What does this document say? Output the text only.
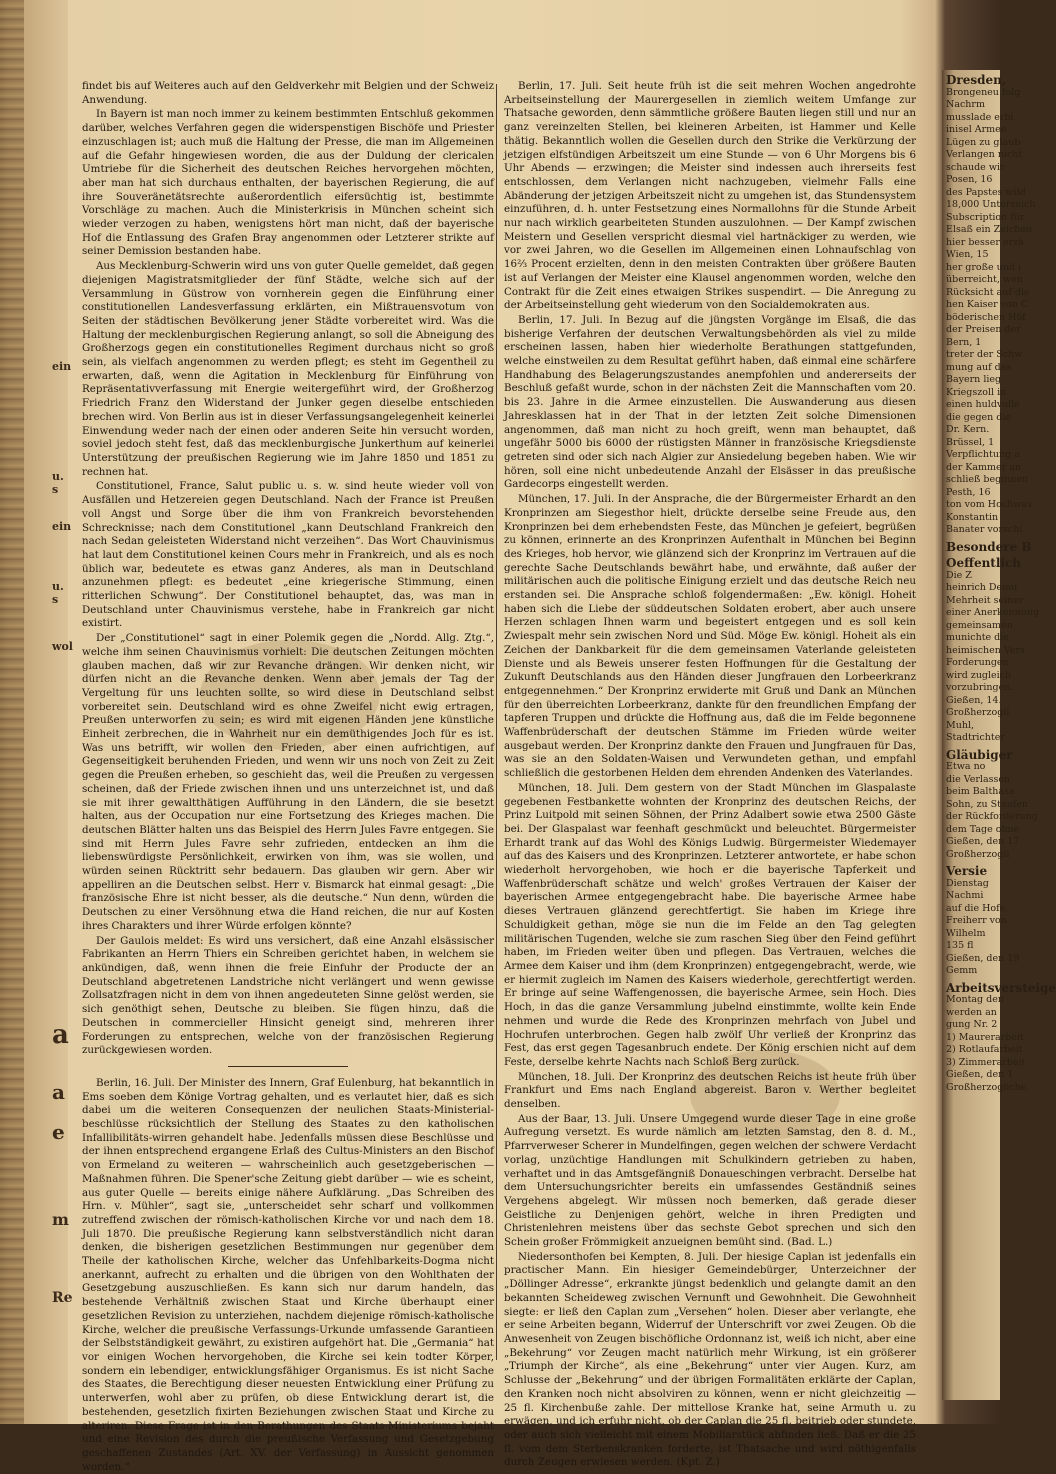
ein
u. s
ein
u. s
wol
a
a
e
m
Re

findet bis auf Weiteres auch auf den Geldverkehr mit Belgien und der Schweiz Anwendung.

In Bayern ist man noch immer zu keinem bestimmten Entschluß gekommen darüber, welches Verfahren gegen die widerspenstigen Bischöfe und Priester einzuschlagen ist; auch muß die Haltung der Presse, die man im Allgemeinen auf die Gefahr hingewiesen worden, die aus der Duldung der clericalen Umtriebe für die Sicherheit des deutschen Reiches hervorgehen möchten, aber man hat sich durchaus enthalten, der bayerischen Regierung, die auf ihre Souveränetätsrechte außerordentlich eifersüchtig ist, bestimmte Vorschläge zu machen. Auch die Ministerkrisis in München scheint sich wieder verzogen zu haben, wenigstens hört man nicht, daß der bayerische Hof die Entlassung des Grafen Bray angenommen oder Letzterer strikte auf seiner Demission bestanden habe.

Aus Mecklenburg-Schwerin wird uns von guter Quelle gemeldet, daß gegen diejenigen Magistratsmitglieder der fünf Städte, welche sich auf der Versammlung in Güstrow von vornherein gegen die Einführung einer constitutionellen Landesverfassung erklärten, ein Mißtrauensvotum von Seiten der städtischen Bevölkerung jener Städte vorbereitet wird. Was die Haltung der mecklenburgischen Regierung anlangt, so soll die Abneigung des Großherzogs gegen ein constitutionelles Regiment durchaus nicht so groß sein, als vielfach angenommen zu werden pflegt; es steht im Gegentheil zu erwarten, daß, wenn die Agitation in Mecklenburg für Einführung von Repräsentativverfassung mit Energie weitergeführt wird, der Großherzog Friedrich Franz den Widerstand der Junker gegen dieselbe entschieden brechen wird. Von Berlin aus ist in dieser Verfassungsangelegenheit keinerlei Einwendung weder nach der einen oder anderen Seite hin versucht worden, soviel jedoch steht fest, daß das mecklenburgische Junkerthum auf keinerlei Unterstützung der preußischen Regierung wie im Jahre 1850 und 1851 zu rechnen hat.

Constitutionel, France, Salut public u. s. w. sind heute wieder voll von Ausfällen und Hetzereien gegen Deutschland. Nach der France ist Preußen voll Angst und Sorge über die ihm von Frankreich bevorstehenden Schrecknisse; nach dem Constitutionel „kann Deutschland Frankreich den nach Sedan geleisteten Widerstand nicht verzeihen“. Das Wort Chauvinismus hat laut dem Constitutionel keinen Cours mehr in Frankreich, und als es noch üblich war, bedeutete es etwas ganz Anderes, als man in Deutschland anzunehmen pflegt: es bedeutet „eine kriegerische Stimmung, einen ritterlichen Schwung“. Der Constitutionel behauptet, das, was man in Deutschland unter Chauvinismus verstehe, habe in Frankreich gar nicht existirt.

Der „Constitutionel“ sagt in einer Polemik gegen die „Nordd. Allg. Ztg.“, welche ihm seinen Chauvinismus vorhielt: Die deutschen Zeitungen möchten glauben machen, daß wir zur Revanche drängen. Wir denken nicht, wir dürfen nicht an die Revanche denken. Wenn aber jemals der Tag der Vergeltung für uns leuchten sollte, so wird diese in Deutschland selbst vorbereitet sein. Deutschland wird es ohne Zweifel nicht ewig ertragen, Preußen unterworfen zu sein; es wird mit eigenen Händen jene künstliche Einheit zerbrechen, die in Wahrheit nur ein demüthigendes Joch für es ist. Was uns betrifft, wir wollen den Frieden, aber einen aufrichtigen, auf Gegenseitigkeit beruhenden Frieden, und wenn wir uns noch von Zeit zu Zeit gegen die Preußen erheben, so geschieht das, weil die Preußen zu vergessen scheinen, daß der Friede zwischen ihnen und uns unterzeichnet ist, und daß sie mit ihrer gewaltthätigen Aufführung in den Ländern, die sie besetzt halten, aus der Occupation nur eine Fortsetzung des Krieges machen. Die deutschen Blätter halten uns das Beispiel des Herrn Jules Favre entgegen. Sie sind mit Herrn Jules Favre sehr zufrieden, entdecken an ihm die liebenswürdigste Persönlichkeit, erwirken von ihm, was sie wollen, und würden seinen Rücktritt sehr bedauern. Das glauben wir gern. Aber wir appelliren an die Deutschen selbst. Herr v. Bismarck hat einmal gesagt: „Die französische Ehre ist nicht besser, als die deutsche.“ Nun denn, würden die Deutschen zu einer Versöhnung etwa die Hand reichen, die nur auf Kosten ihres Charakters und ihrer Würde erfolgen könnte?

Der Gaulois meldet: Es wird uns versichert, daß eine Anzahl elsässischer Fabrikanten an Herrn Thiers ein Schreiben gerichtet haben, in welchem sie ankündigen, daß, wenn ihnen die freie Einfuhr der Producte der an Deutschland abgetretenen Landstriche nicht verlängert und wenn gewisse Zollsatzfragen nicht in dem von ihnen angedeuteten Sinne gelöst werden, sie sich genöthigt sehen, Deutsche zu bleiben. Sie fügen hinzu, daß die Deutschen in commercieller Hinsicht geneigt sind, mehreren ihrer Forderungen zu entsprechen, welche von der französischen Regierung zurückgewiesen worden.

Berlin, 16. Juli. Der Minister des Innern, Graf Eulenburg, hat bekanntlich in Ems soeben dem Könige Vortrag gehalten, und es verlautet hier, daß es sich dabei um die weiteren Consequenzen der neulichen Staats-Ministerial-beschlüsse rücksichtlich der Stellung des Staates zu den katholischen Infallibilitäts-wirren gehandelt habe. Jedenfalls müssen diese Beschlüsse und der ihnen entsprechend ergangene Erlaß des Cultus-Ministers an den Bischof von Ermeland zu weiteren — wahrscheinlich auch gesetzgeberischen — Maßnahmen führen. Die Spener'sche Zeitung giebt darüber — wie es scheint, aus guter Quelle — bereits einige nähere Aufklärung. „Das Schreiben des Hrn. v. Mühler“, sagt sie, „unterscheidet sehr scharf und vollkommen zutreffend zwischen der römisch-katholischen Kirche vor und nach dem 18. Juli 1870. Die preußische Regierung kann selbstverständlich nicht daran denken, die bisherigen gesetzlichen Bestimmungen nur gegenüber dem Theile der katholischen Kirche, welcher das Unfehlbarkeits-Dogma nicht anerkannt, aufrecht zu erhalten und die übrigen von den Wohlthaten der Gesetzgebung auszuschließen. Es kann sich nur darum handeln, das bestehende Verhältniß zwischen Staat und Kirche überhaupt einer gesetzlichen Revision zu unterziehen, nachdem diejenige römisch-katholische Kirche, welcher die preußische Verfassungs-Urkunde umfassende Garantieen der Selbstständigkeit gewährt, zu existiren aufgehört hat. Die „Germania“ hat vor einigen Wochen hervorgehoben, die Kirche sei kein todter Körper, sondern ein lebendiger, entwicklungsfähiger Organismus. Es ist nicht Sache des Staates, die Berechtigung dieser neuesten Entwicklung einer Prüfung zu unterwerfen, wohl aber zu prüfen, ob diese Entwicklung derart ist, die bestehenden, gesetzlich fixirten Beziehungen zwischen Staat und Kirche zu alteriren. Diese Frage ist in den Berathungen des Staats-Ministeriums bejaht und eine Revision des durch die preußische Verfassung und Gesetzgebung geschaffenen Zustandes (Art. XV. der Verfassung) in Aussicht genommen worden.“

Berlin, 17. Juli. Seit heute früh ist die seit mehren Wochen angedrohte Arbeitseinstellung der Maurergesellen in ziemlich weitem Umfange zur Thatsache geworden, denn sämmtliche größere Bauten liegen still und nur an ganz vereinzelten Stellen, bei kleineren Arbeiten, ist Hammer und Kelle thätig. Bekanntlich wollen die Gesellen durch den Strike die Verkürzung der jetzigen elfstündigen Arbeitszeit um eine Stunde — von 6 Uhr Morgens bis 6 Uhr Abends — erzwingen; die Meister sind indessen auch ihrerseits fest entschlossen, dem Verlangen nicht nachzugeben, vielmehr Falls eine Abänderung der jetzigen Arbeitszeit nicht zu umgehen ist, das Stundensystem einzuführen, d. h. unter Festsetzung eines Normallohns für die Stunde Arbeit nur nach wirklich gearbeiteten Stunden auszulohnen. — Der Kampf zwischen Meistern und Gesellen verspricht diesmal viel hartnäckiger zu werden, wie vor zwei Jahren, wo die Gesellen im Allgemeinen einen Lohnaufschlag von 16⅔ Procent erzielten, denn in den meisten Contrakten über größere Bauten ist auf Verlangen der Meister eine Klausel angenommen worden, welche den Contrakt für die Zeit eines etwaigen Strikes suspendirt. — Die Anregung zu der Arbeitseinstellung geht wiederum von den Socialdemokraten aus.

Berlin, 17. Juli. In Bezug auf die jüngsten Vorgänge im Elsaß, die das bisherige Verfahren der deutschen Verwaltungsbehörden als viel zu milde erscheinen lassen, haben hier wiederholte Berathungen stattgefunden, welche einstweilen zu dem Resultat geführt haben, daß einmal eine schärfere Handhabung des Belagerungszustandes anempfohlen und andererseits der Beschluß gefaßt wurde, schon in der nächsten Zeit die Mannschaften vom 20. bis 23. Jahre in die Armee einzustellen. Die Auswanderung aus diesen Jahresklassen hat in der That in der letzten Zeit solche Dimensionen angenommen, daß man nicht zu hoch greift, wenn man behauptet, daß ungefähr 5000 bis 6000 der rüstigsten Männer in französische Kriegsdienste getreten sind oder sich nach Algier zur Ansiedelung begeben haben. Wie wir hören, soll eine nicht unbedeutende Anzahl der Elsässer in das preußische Gardecorps eingestellt werden.

München, 17. Juli. In der Ansprache, die der Bürgermeister Erhardt an den Kronprinzen am Siegesthor hielt, drückte derselbe seine Freude aus, den Kronprinzen bei dem erhebendsten Feste, das München je gefeiert, begrüßen zu können, erinnerte an des Kronprinzen Aufenthalt in München bei Beginn des Krieges, hob hervor, wie glänzend sich der Kronprinz im Vertrauen auf die gerechte Sache Deutschlands bewährt habe, und erwähnte, daß außer der militärischen auch die politische Einigung erzielt und das deutsche Reich neu erstanden sei. Die Ansprache schloß folgendermaßen: „Ew. königl. Hoheit haben sich die Liebe der süddeutschen Soldaten erobert, aber auch unsere Herzen schlagen Ihnen warm und begeistert entgegen und es soll kein Zwiespalt mehr sein zwischen Nord und Süd. Möge Ew. königl. Hoheit als ein Zeichen der Dankbarkeit für die dem gemeinsamen Vaterlande geleisteten Dienste und als Beweis unserer festen Hoffnungen für die Gestaltung der Zukunft Deutschlands aus den Händen dieser Jungfrauen den Lorbeerkranz entgegennehmen.“ Der Kronprinz erwiderte mit Gruß und Dank an München für den überreichten Lorbeerkranz, dankte für den freundlichen Empfang der tapferen Truppen und drückte die Hoffnung aus, daß die im Felde begonnene Waffenbrüderschaft der deutschen Stämme im Frieden würde weiter ausgebaut werden. Der Kronprinz dankte den Frauen und Jungfrauen für Das, was sie an den Soldaten-Waisen und Verwundeten gethan, und empfahl schließlich die gestorbenen Helden dem ehrenden Andenken des Vaterlandes.

München, 18. Juli. Dem gestern von der Stadt München im Glaspalaste gegebenen Festbankette wohnten der Kronprinz des deutschen Reichs, der Prinz Luitpold mit seinen Söhnen, der Prinz Adalbert sowie etwa 2500 Gäste bei. Der Glaspalast war feenhaft geschmückt und beleuchtet. Bürgermeister Erhardt trank auf das Wohl des Königs Ludwig. Bürgermeister Wiedemayer auf das des Kaisers und des Kronprinzen. Letzterer antwortete, er habe schon wiederholt hervorgehoben, wie hoch er die bayerische Tapferkeit und Waffenbrüderschaft schätze und welch' großes Vertrauen der Kaiser der bayerischen Armee entgegengebracht habe. Die bayerische Armee habe dieses Vertrauen glänzend gerechtfertigt. Sie haben im Kriege ihre Schuldigkeit gethan, möge sie nun die im Felde an den Tag gelegten militärischen Tugenden, welche sie zum raschen Sieg über den Feind geführt haben, im Frieden weiter üben und pflegen. Das Vertrauen, welches die Armee dem Kaiser und ihm (dem Kronprinzen) entgegengebracht, werde, wie er hiermit zugleich im Namen des Kaisers wiederhole, gerechtfertigt werden. Er bringe auf seine Waffengenossen, die bayerische Armee, sein Hoch. Dies Hoch, in das die ganze Versammlung jubelnd einstimmte, wollte kein Ende nehmen und wurde die Rede des Kronprinzen mehrfach von Jubel und Hochrufen unterbrochen. Gegen halb zwölf Uhr verließ der Kronprinz das Fest, das erst gegen Tagesanbruch endete. Der König erschien nicht auf dem Feste, derselbe kehrte Nachts nach Schloß Berg zurück.

München, 18. Juli. Der Kronprinz des deutschen Reichs ist heute früh über Frankfurt und Ems nach England abgereist. Baron v. Werther begleitet denselben.

Aus der Baar, 13. Juli. Unsere Umgegend wurde dieser Tage in eine große Aufregung versetzt. Es wurde nämlich am letzten Samstag, den 8. d. M., Pfarrverweser Scherer in Mundelfingen, gegen welchen der schwere Verdacht vorlag, unzüchtige Handlungen mit Schulkindern getrieben zu haben, verhaftet und in das Amtsgefängniß Donaueschingen verbracht. Derselbe hat dem Untersuchungsrichter bereits ein umfassendes Geständniß seines Vergehens abgelegt. Wir müssen noch bemerken, daß gerade dieser Geistliche zu Denjenigen gehört, welche in ihren Predigten und Christenlehren meistens über das sechste Gebot sprechen und sich den Schein großer Frömmigkeit anzueignen bemüht sind. (Bad. L.)

Niedersonthofen bei Kempten, 8. Juli. Der hiesige Caplan ist jedenfalls ein practischer Mann. Ein hiesiger Gemeindebürger, Unterzeichner der „Döllinger Adresse“, erkrankte jüngst bedenklich und gelangte damit an den bekannten Scheideweg zwischen Vernunft und Gewohnheit. Die Gewohnheit siegte: er ließ den Caplan zum „Versehen“ holen. Dieser aber verlangte, ehe er seine Arbeiten begann, Widerruf der Unterschrift vor zwei Zeugen. Ob die Anwesenheit von Zeugen bischöfliche Ordonnanz ist, weiß ich nicht, aber eine „Bekehrung“ vor Zeugen macht natürlich mehr Wirkung, ist ein größerer „Triumph der Kirche“, als eine „Bekehrung“ unter vier Augen. Kurz, am Schlusse der „Bekehrung“ und der übrigen Formalitäten erklärte der Caplan, den Kranken noch nicht absolviren zu können, wenn er nicht gleichzeitig — 25 fl. Kirchenbuße zahle. Der mittellose Kranke hat, seine Armuth u. zu erwägen, und ich erfuhr nicht, ob der Caplan die 25 fl. beitrieb oder stundete, oder auch sich vielleicht mit einem Mobiliarstück abfinden ließ. Daß er die 25 fl. vom dem Sterbenskranken forderte, ist Thatsache und wird nöthigenfalls durch Zeugen erwiesen werden. (Kpt. Z.)

Dresden,
Brongeneu folg
Nachrm
musslade erbi
inisel Armee
Lügen zu glaub
Verlangen nicht
schaude wir
Posen, 16
des Papstes wild
18,000 Unterzeich
Subscription für
Elsaß ein Zeichen
hier besser erzä
Wien, 15
her große und i
überreicht, wen
Rücksicht auf die
hen Kaiser von C
böderischen Höf
der Preisen der
Bern, 1
treter der Schw
mung auf das
Bayern lieg
Kriegszoll in
einen huldvolle
die gegen die
Dr. Kern.
Brüssel, 1
Verpflichtung a
der Kammer an
schließ beginnen
Pesth, 16
ton vom Hochwas
Konstantin
Banater vorschi
Besondere B
Oeffentlich
Die Z
heinrich Demu
Mehrheit seiner
einer Anerkennung
gemeinsamen
munichte die
heimischen Vers
Forderungen
wird zugleich
vorzubringen.
Gießen, 14.
Großherzogli
Muhl,
Stadtrichter
Gläubiger
Etwa no
die Verlassen
beim Balthasa
Sohn, zu Staufen
der Rückforderung
dem Tage ohne
Gießen, den 17
Großherzogli
Versie
Dienstag
Nachmi
auf die Hofe
Freiherr von
Wilhelm
135 fl
Gießen, den 19
Gemm
Arbeitsversteige
Montag den
werden an
gung Nr. 2
1) Maurerarbeit
2) Rotlaufarbeit
3) Zimmerarbeit
Gießen, den 1
Großherzogliche
